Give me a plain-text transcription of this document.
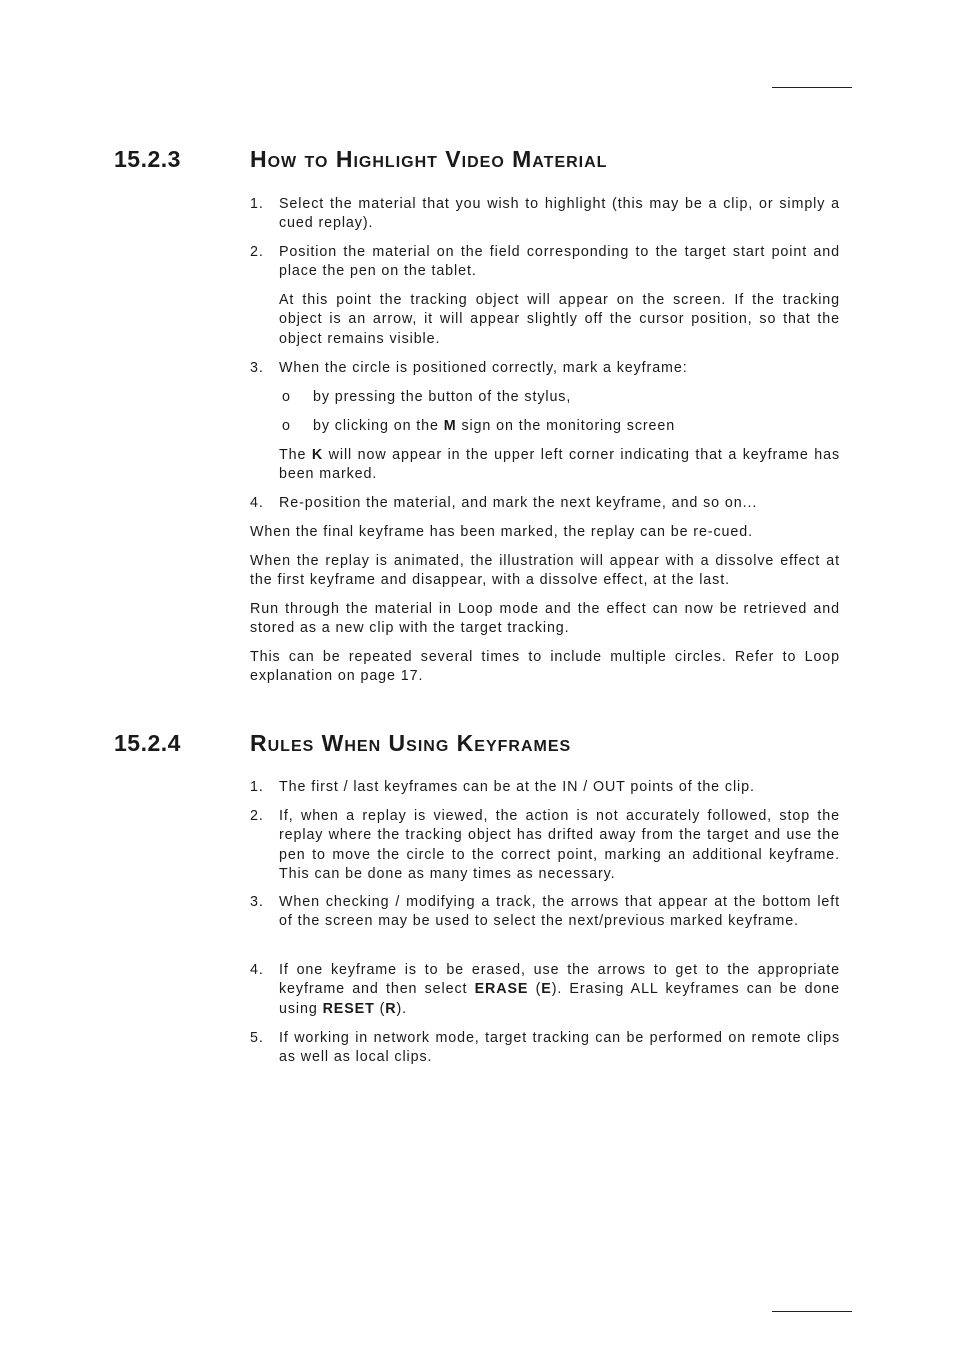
15.2.3	How to Highlight Video Material
1. Select the material that you wish to highlight (this may be a clip, or simply a cued replay).
2. Position the material on the field corresponding to the target start point and place the pen on the tablet.
At this point the tracking object will appear on the screen. If the tracking object is an arrow, it will appear slightly off the cursor position, so that the object remains visible.
3. When the circle is positioned correctly, mark a keyframe:
o by pressing the button of the stylus,
o by clicking on the M sign on the monitoring screen
The K will now appear in the upper left corner indicating that a keyframe has been marked.
4. Re-position the material, and mark the next keyframe, and so on...
When the final keyframe has been marked, the replay can be re-cued.
When the replay is animated, the illustration will appear with a dissolve effect at the first keyframe and disappear, with a dissolve effect, at the last.
Run through the material in Loop mode and the effect can now be retrieved and stored as a new clip with the target tracking.
This can be repeated several times to include multiple circles. Refer to Loop explanation on page 17.
15.2.4	Rules When Using Keyframes
1. The first / last keyframes can be at the IN / OUT points of the clip.
2. If, when a replay is viewed, the action is not accurately followed, stop the replay where the tracking object has drifted away from the target and use the pen to move the circle to the correct point, marking an additional keyframe. This can be done as many times as necessary.
3. When checking / modifying a track, the arrows that appear at the bottom left of the screen may be used to select the next/previous marked keyframe.
4. If one keyframe is to be erased, use the arrows to get to the appropriate keyframe and then select ERASE (E). Erasing ALL keyframes can be done using RESET (R).
5. If working in network mode, target tracking can be performed on remote clips as well as local clips.
